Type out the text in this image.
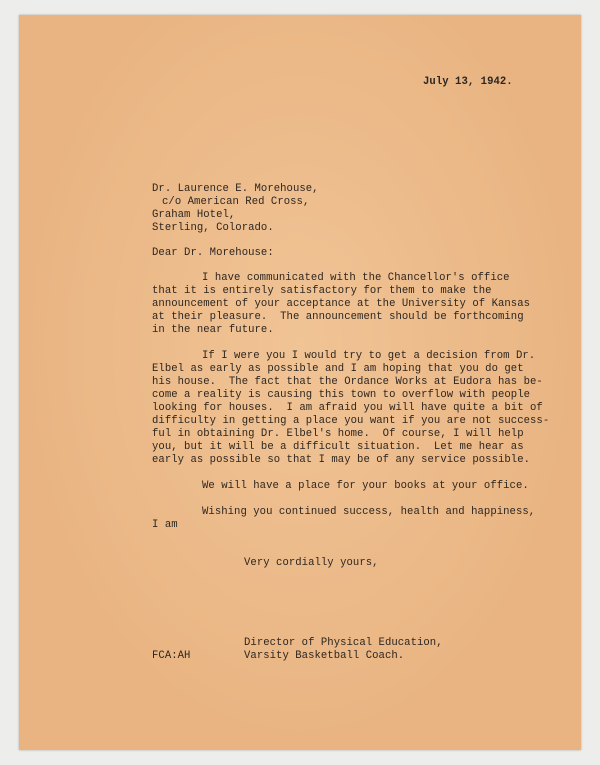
July 13, 1942.
Dr. Laurence E. Morehouse,
c/o American Red Cross,
Graham Hotel,
Sterling, Colorado.
Dear Dr. Morehouse:
I have communicated with the Chancellor's office
that it is entirely satisfactory for them to make the
announcement of your acceptance at the University of Kansas
at their pleasure.  The announcement should be forthcoming
in the near future.
If I were you I would try to get a decision from Dr.
Elbel as early as possible and I am hoping that you do get
his house.  The fact that the Ordance Works at Eudora has be-
come a reality is causing this town to overflow with people
looking for houses.  I am afraid you will have quite a bit of
difficulty in getting a place you want if you are not success-
ful in obtaining Dr. Elbel's home.  Of course, I will help
you, but it will be a difficult situation.  Let me hear as
early as possible so that I may be of any service possible.
We will have a place for your books at your office.
Wishing you continued success, health and happiness,
I am
Very cordially yours,
Director of Physical Education,
Varsity Basketball Coach.
FCA:AH
